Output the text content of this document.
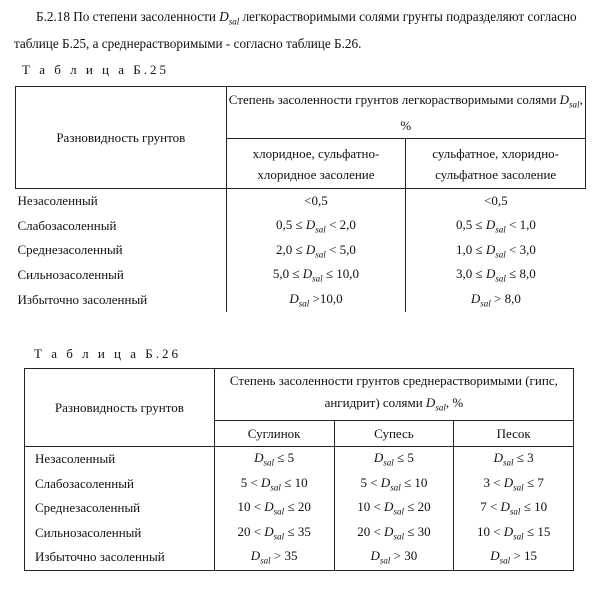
Б.2.18 По степени засоленности $D_{sal}$ легкорастворимыми солями грунты подразделяют согласно таблице Б.25, а среднерастворимыми - согласно таблице Б.26.
Т а б л и ц а Б.25
Разновидность грунтов	Степень засоленности грунтов легкорастворимыми солями $D_{sal}$, %	
	хлоридное, сульфатно-хлоридное засоление	сульфатное, хлоридно-сульфатное засоление
Незасоленный	<0,5	<0,5
Слабозасоленный	$0,5 \le D_{sal} < 2,0$	$0,5 \le D_{sal} < 1,0$
Среднезасоленный	$2,0 \le D_{sal} < 5,0$	$1,0 \le D_{sal} < 3,0$
Сильнозасоленный	$5,0 \le D_{sal} \le 10,0$	$3,0 \le D_{sal} \le 8,0$
Избыточно засоленный	$D_{sal} >10,0$	$D_{sal} > 8,0$
Т а б л и ц а Б.26
Разновидность грунтов	Степень засоленности грунтов среднерастворимыми (гипс, ангидрит) солями $D_{sal}$, %		
	Суглинок	Супесь	Песок
Незасоленный	$D_{sal} \le 5$	$D_{sal} \le 5$	$D_{sal} \le 3$
Слабозасоленный	$5 < D_{sal} \le 10$	$5 < D_{sal} \le 10$	$3 < D_{sal} \le 7$
Среднезасоленный	$10 < D_{sal} \le 20$	$10 < D_{sal} \le 20$	$7 < D_{sal} \le 10$
Сильнозасоленный	$20 < D_{sal} \le 35$	$20 < D_{sal} \le 30$	$10 < D_{sal} \le 15$
Избыточно засоленный	$D_{sal} > 35$	$D_{sal} > 30$	$D_{sal} > 15$
